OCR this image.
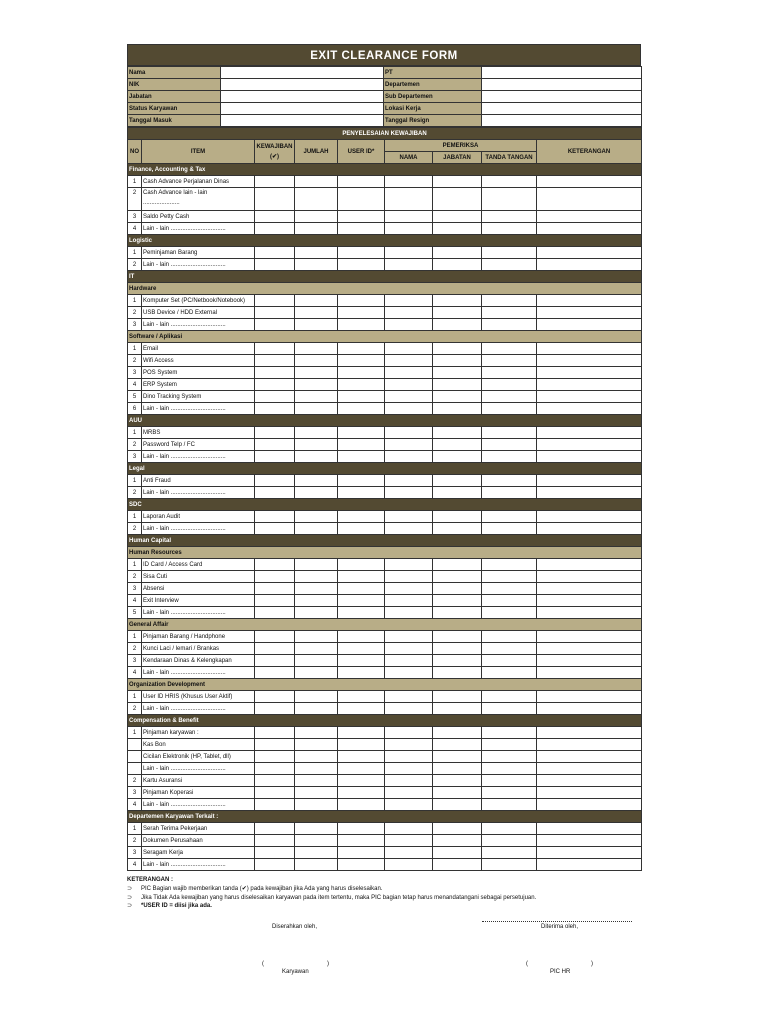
EXIT CLEARANCE FORM
Nama		PT	
NIK		Departemen	
Jabatan		Sub Departemen	
Status Karyawan		Lokasi Kerja	
Tanggal Masuk		Tanggal Resign	
PENYELESAIAN KEWAJIBAN								
NO	ITEM	KEWAJIBAN (✔)	JUMLAH	USER ID*	PEMERIKSA			KETERANGAN
					NAMA	JABATAN	TANDA TANGAN	
Finance, Accounting & Tax								
1	Cash Advance Perjalanan Dinas							
2	Cash Advance lain - lain
......................							
3	Saldo Petty Cash							
4	Lain - lain .................................							
Logistic								
1	Peminjaman Barang							
2	Lain - lain .................................							
IT								
Hardware								
1	Komputer Set (PC/Netbook/Notebook)							
2	USB Device / HDD External							
3	Lain - lain .................................							
Software / Aplikasi								
1	Email							
2	Wifi Access							
3	POS System							
4	ERP System							
5	Dino Tracking System							
6	Lain - lain .................................							
AUU								
1	MRBS							
2	Password Telp / FC							
3	Lain - lain .................................							
Legal								
1	Anti Fraud							
2	Lain - lain .................................							
SDC								
1	Laporan Audit							
2	Lain - lain .................................							
Human Capital								
Human Resources								
1	ID Card / Access Card							
2	Sisa Cuti							
3	Absensi							
4	Exit Interview							
5	Lain - lain .................................							
General Affair								
1	Pinjaman Barang / Handphone							
2	Kunci Laci / lemari / Brankas							
3	Kendaraan Dinas & Kelengkapan							
4	Lain - lain .................................							
Organization Development								
1	User ID HRIS (Khusus User Aktif)							
2	Lain - lain .................................							
Compensation & Benefit								
1	Pinjaman karyawan :							
	Kas Bon							
	Cicilan Elektronik (HP, Tablet, dll)							
	Lain - lain .................................							
2	Kartu Asuransi							
3	Pinjaman Koperasi							
4	Lain - lain .................................							
Departemen Karyawan Terkait :								
1	Serah Terima Pekerjaan							
2	Dokumen Perusahaan							
3	Seragam Kerja							
4	Lain - lain .................................							
KETERANGAN :
⊃ PIC Bagian wajib memberikan tanda (✔) pada kewajiban jika Ada yang harus diselesaikan.
⊃ Jika Tidak Ada kewajiban yang harus diselesaikan karyawan pada item tertentu, maka PIC bagian tetap harus menandatangani sebagai persetujuan.
⊃ *USER ID = diisi jika ada.
Diserahkan oleh,	Diterima oleh,
(	)	(	)
Karyawan	PIC HR
